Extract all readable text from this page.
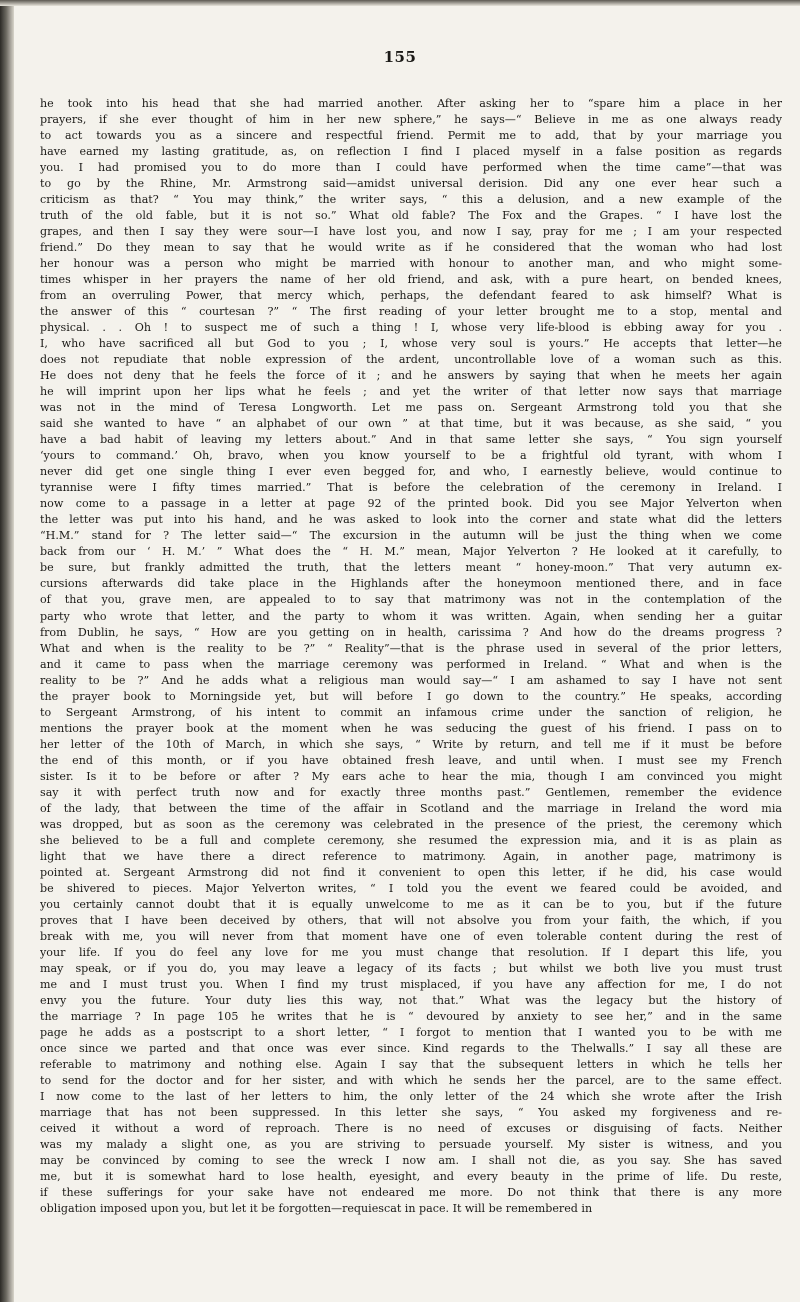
155
he took into his head that she had married another. After asking her to “spare him a place in her
prayers, if she ever thought of him in her new sphere,” he says—“ Believe in me as one always ready
to act towards you as a sincere and respectful friend. Permit me to add, that by your marriage you
have earned my lasting gratitude, as, on reflection I find I placed myself in a false position as regards
you. I had promised you to do more than I could have performed when the time came”—that was
to go by the Rhine, Mr. Armstrong said—amidst universal derision. Did any one ever hear such a
criticism as that? “ You may think,” the writer says, “ this a delusion, and a new example of the
truth of the old fable, but it is not so.” What old fable? The Fox and the Grapes. “ I have lost the
grapes, and then I say they were sour—I have lost you, and now I say, pray for me ; I am your respected
friend.” Do they mean to say that he would write as if he considered that the woman who had lost
her honour was a person who might be married with honour to another man, and who might some-
times whisper in her prayers the name of her old friend, and ask, with a pure heart, on bended knees,
from an overruling Power, that mercy which, perhaps, the defendant feared to ask himself? What is
the answer of this “ courtesan ?” “ The first reading of your letter brought me to a stop, mental and
physical. . . Oh ! to suspect me of such a thing ! I, whose very life-blood is ebbing away for you .
I, who have sacrificed all but God to you ; I, whose very soul is yours.” He accepts that letter—he
does not repudiate that noble expression of the ardent, uncontrollable love of a woman such as this.
He does not deny that he feels the force of it ; and he answers by saying that when he meets her again
he will imprint upon her lips what he feels ; and yet the writer of that letter now says that marriage
was not in the mind of Teresa Longworth. Let me pass on. Sergeant Armstrong told you that she
said she wanted to have “ an alphabet of our own ” at that time, but it was because, as she said, “ you
have a bad habit of leaving my letters about.” And in that same letter she says, “ You sign yourself
‘yours to command.’ Oh, bravo, when you know yourself to be a frightful old tyrant, with whom I
never did get one single thing I ever even begged for, and who, I earnestly believe, would continue to
tyrannise were I fifty times married.” That is before the celebration of the ceremony in Ireland. I
now come to a passage in a letter at page 92 of the printed book. Did you see Major Yelverton when
the letter was put into his hand, and he was asked to look into the corner and state what did the letters
“H.M.” stand for ? The letter said—“ The excursion in the autumn will be just the thing when we come
back from our ‘ H. M.’ ” What does the “ H. M.” mean, Major Yelverton ? He looked at it carefully, to
be sure, but frankly admitted the truth, that the letters meant “ honey-moon.” That very autumn ex-
cursions afterwards did take place in the Highlands after the honeymoon mentioned there, and in face
of that you, grave men, are appealed to to say that matrimony was not in the contemplation of the
party who wrote that letter, and the party to whom it was written. Again, when sending her a guitar
from Dublin, he says, “ How are you getting on in health, carissima ? And how do the dreams progress ?
What and when is the reality to be ?” “ Reality”—that is the phrase used in several of the prior letters,
and it came to pass when the marriage ceremony was performed in Ireland. “ What and when is the
reality to be ?” And he adds what a religious man would say—“ I am ashamed to say I have not sent
the prayer book to Morningside yet, but will before I go down to the country.” He speaks, according
to Sergeant Armstrong, of his intent to commit an infamous crime under the sanction of religion, he
mentions the prayer book at the moment when he was seducing the guest of his friend. I pass on to
her letter of the 10th of March, in which she says, “ Write by return, and tell me if it must be before
the end of this month, or if you have obtained fresh leave, and until when. I must see my French
sister. Is it to be before or after ? My ears ache to hear the mia, though I am convinced you might
say it with perfect truth now and for exactly three months past.” Gentlemen, remember the evidence
of the lady, that between the time of the affair in Scotland and the marriage in Ireland the word mia
was dropped, but as soon as the ceremony was celebrated in the presence of the priest, the ceremony which
she believed to be a full and complete ceremony, she resumed the expression mia, and it is as plain as
light that we have there a direct reference to matrimony. Again, in another page, matrimony is
pointed at. Sergeant Armstrong did not find it convenient to open this letter, if he did, his case would
be shivered to pieces. Major Yelverton writes, “ I told you the event we feared could be avoided, and
you certainly cannot doubt that it is equally unwelcome to me as it can be to you, but if the future
proves that I have been deceived by others, that will not absolve you from your faith, the which, if you
break with me, you will never from that moment have one of even tolerable content during the rest of
your life. If you do feel any love for me you must change that resolution. If I depart this life, you
may speak, or if you do, you may leave a legacy of its facts ; but whilst we both live you must trust
me and I must trust you. When I find my trust misplaced, if you have any affection for me, I do not
envy you the future. Your duty lies this way, not that.” What was the legacy but the history of
the marriage ? In page 105 he writes that he is “ devoured by anxiety to see her,” and in the same
page he adds as a postscript to a short letter, “ I forgot to mention that I wanted you to be with me
once since we parted and that once was ever since. Kind regards to the Thelwalls.” I say all these are
referable to matrimony and nothing else. Again I say that the subsequent letters in which he tells her
to send for the doctor and for her sister, and with which he sends her the parcel, are to the same effect.
I now come to the last of her letters to him, the only letter of the 24 which she wrote after the Irish
marriage that has not been suppressed. In this letter she says, “ You asked my forgiveness and re-
ceived it without a word of reproach. There is no need of excuses or disguising of facts. Neither
was my malady a slight one, as you are striving to persuade yourself. My sister is witness, and you
may be convinced by coming to see the wreck I now am. I shall not die, as you say. She has saved
me, but it is somewhat hard to lose health, eyesight, and every beauty in the prime of life. Du reste,
if these sufferings for your sake have not endeared me more. Do not think that there is any more
obligation imposed upon you, but let it be forgotten—requiescat in pace. It will be remembered in
